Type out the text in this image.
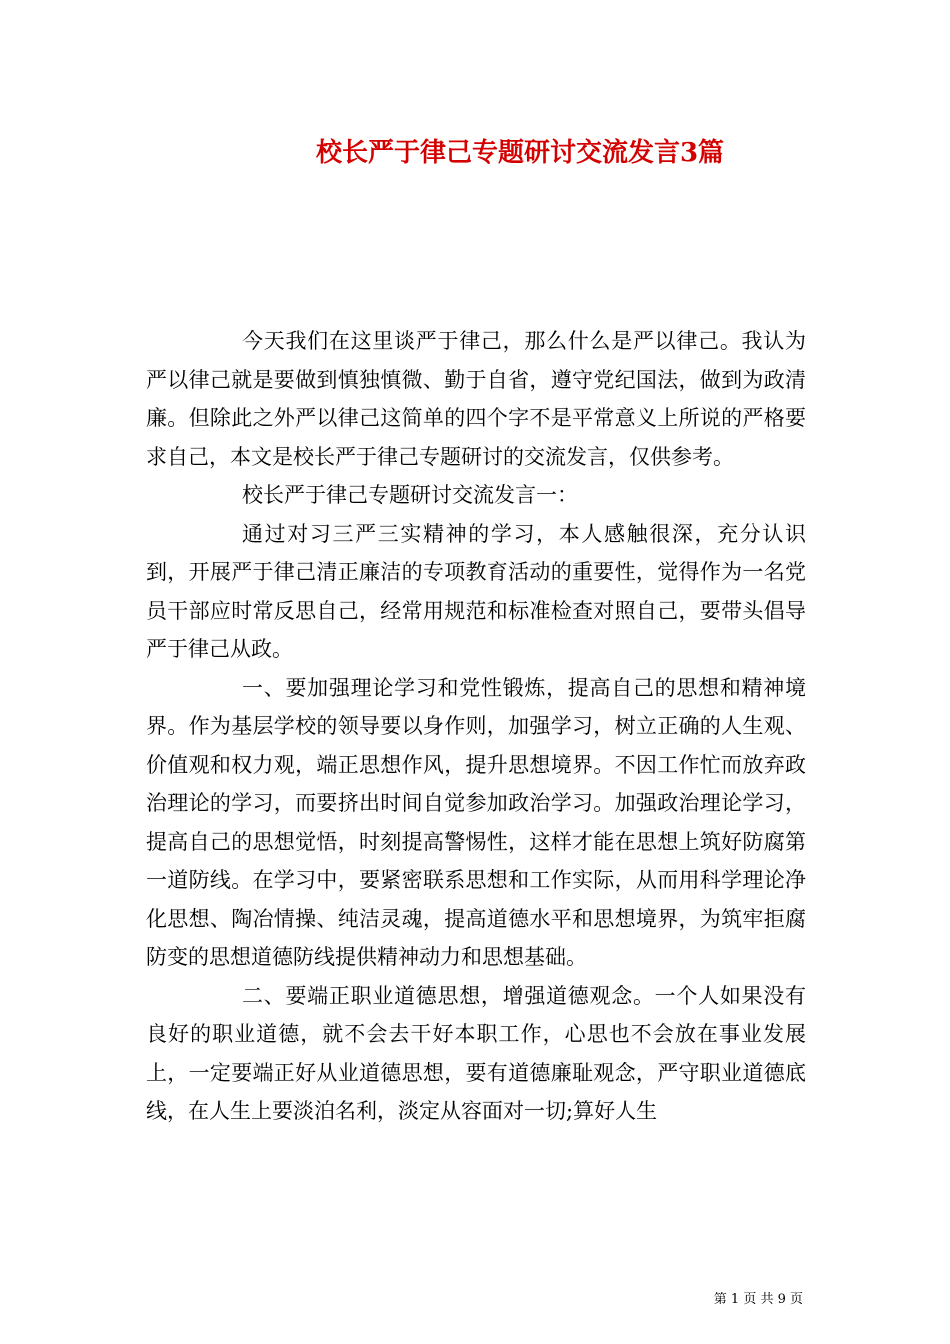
校长严于律己专题研讨交流发言3篇

今天我们在这里谈严于律己，那么什么是严以律己。我认为严以律己就是要做到慎独慎微、勤于自省，遵守党纪国法，做到为政清廉。但除此之外严以律己这简单的四个字不是平常意义上所说的严格要求自己，本文是校长严于律己专题研讨的交流发言，仅供参考。

校长严于律己专题研讨交流发言一：

通过对习三严三实精神的学习，本人感触很深，充分认识到，开展严于律己清正廉洁的专项教育活动的重要性，觉得作为一名党员干部应时常反思自己，经常用规范和标准检查对照自己，要带头倡导严于律己从政。

一、要加强理论学习和党性锻炼，提高自己的思想和精神境界。作为基层学校的领导要以身作则，加强学习，树立正确的人生观、价值观和权力观，端正思想作风，提升思想境界。不因工作忙而放弃政治理论的学习，而要挤出时间自觉参加政治学习。加强政治理论学习，提高自己的思想觉悟，时刻提高警惕性，这样才能在思想上筑好防腐第一道防线。在学习中，要紧密联系思想和工作实际，从而用科学理论净化思想、陶冶情操、纯洁灵魂，提高道德水平和思想境界，为筑牢拒腐防变的思想道德防线提供精神动力和思想基础。

二、要端正职业道德思想，增强道德观念。一个人如果没有良好的职业道德，就不会去干好本职工作，心思也不会放在事业发展上，一定要端正好从业道德思想，要有道德廉耻观念，严守职业道德底线，在人生上要淡泊名利，淡定从容面对一切;算好人生

第 1 页 共 9 页
